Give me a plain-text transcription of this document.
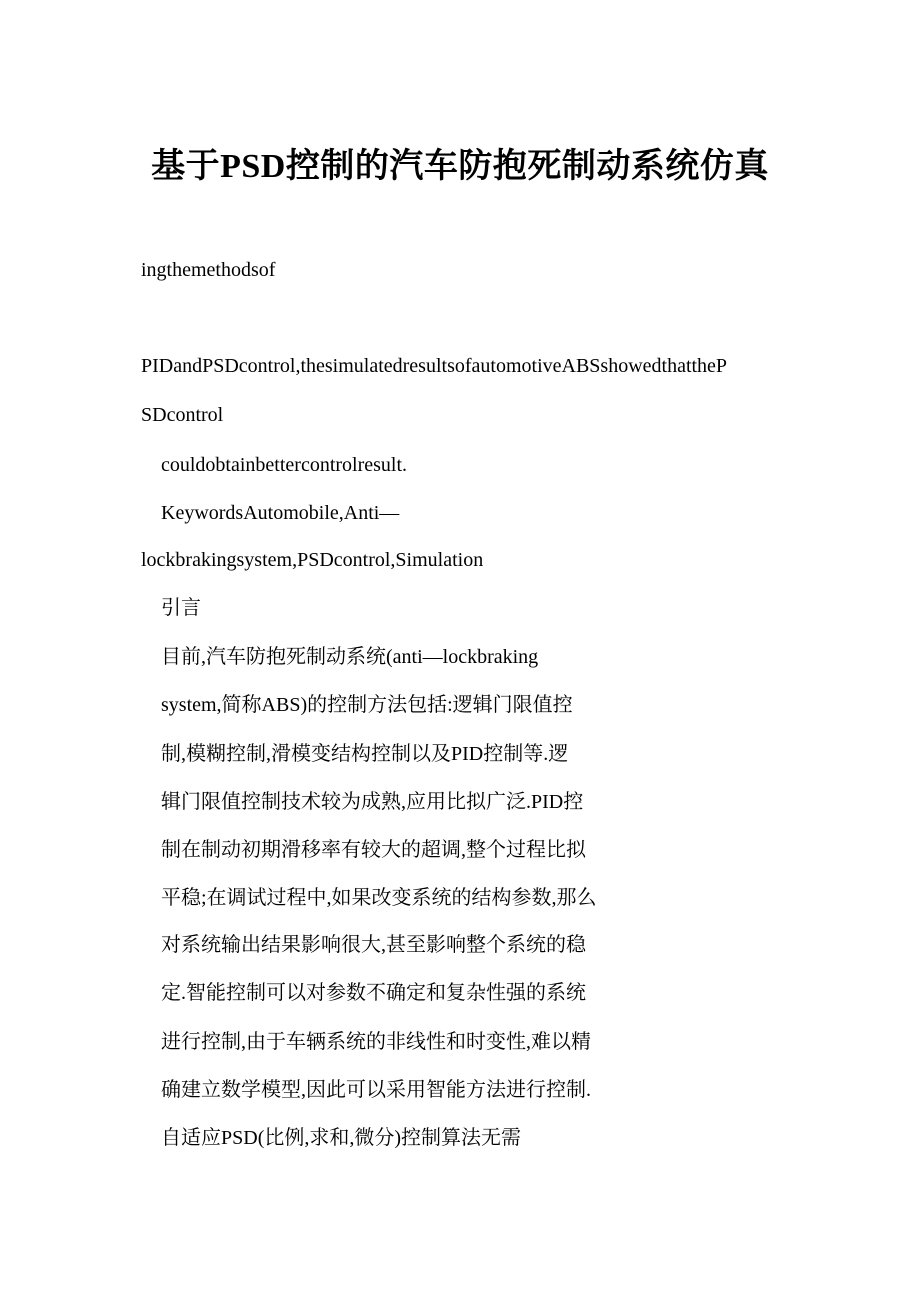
基于PSD控制的汽车防抱死制动系统仿真
ingthemethodsof
PIDandPSDcontrol,thesimulatedresultsofautomotiveABSshowedthattheP
SDcontrol
couldobtainbettercontrolresult.
KeywordsAutomobile,Anti—
lockbrakingsystem,PSDcontrol,Simulation
引言
目前,汽车防抱死制动系统(anti—lockbraking
system,简称ABS)的控制方法包括:逻辑门限值控
制,模糊控制,滑模变结构控制以及PID控制等.逻
辑门限值控制技术较为成熟,应用比拟广泛.PID控
制在制动初期滑移率有较大的超调,整个过程比拟
平稳;在调试过程中,如果改变系统的结构参数,那么
对系统输出结果影响很大,甚至影响整个系统的稳
定.智能控制可以对参数不确定和复杂性强的系统
进行控制,由于车辆系统的非线性和时变性,难以精
确建立数学模型,因此可以采用智能方法进行控制.
自适应PSD(比例,求和,微分)控制算法无需
